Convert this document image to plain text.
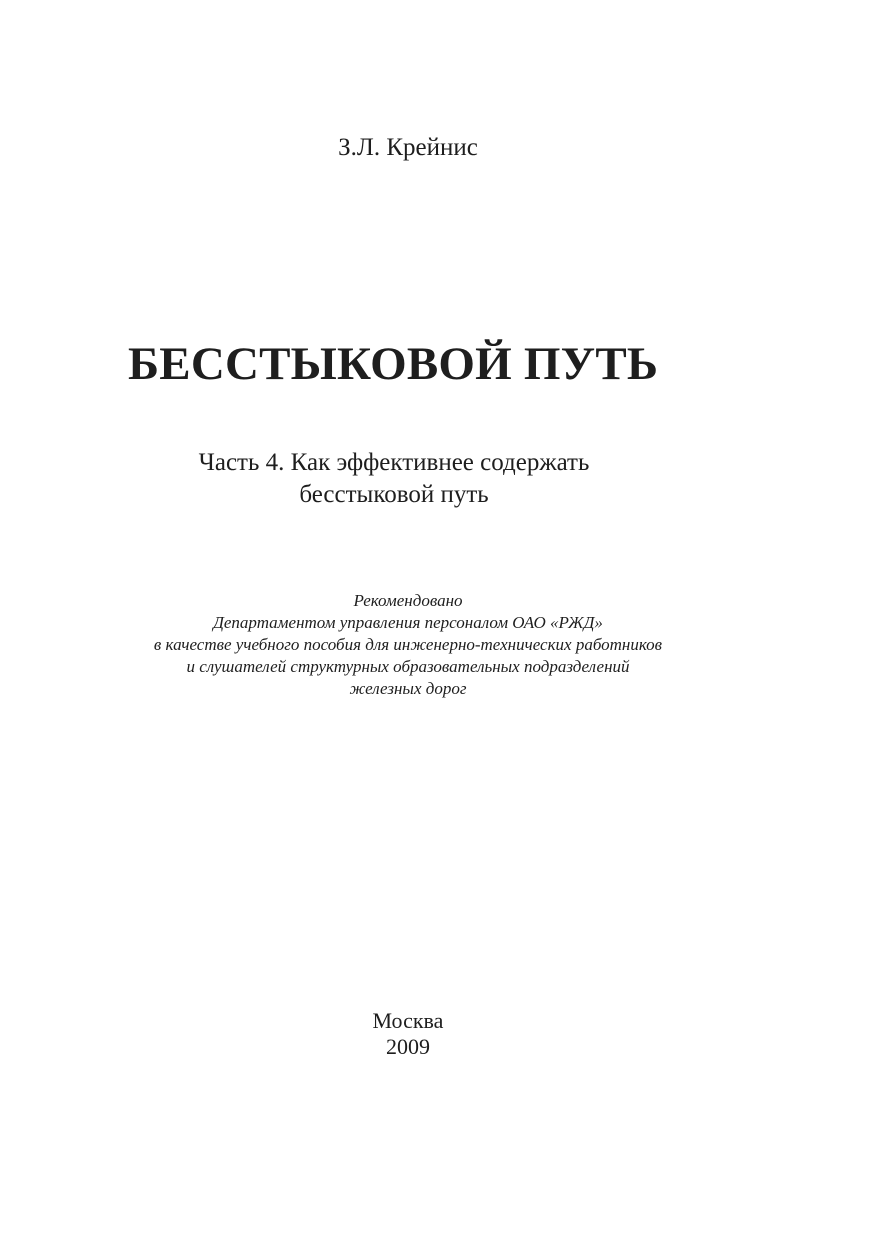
З.Л. Крейнис
БЕССТЫКОВОЙ ПУТЬ
Часть 4. Как эффективнее содержать
бесстыковой путь
Рекомендовано
Департаментом управления персоналом ОАО «РЖД»
в качестве учебного пособия для инженерно-технических работников
и слушателей структурных образовательных подразделений
железных дорог
Москва
2009
